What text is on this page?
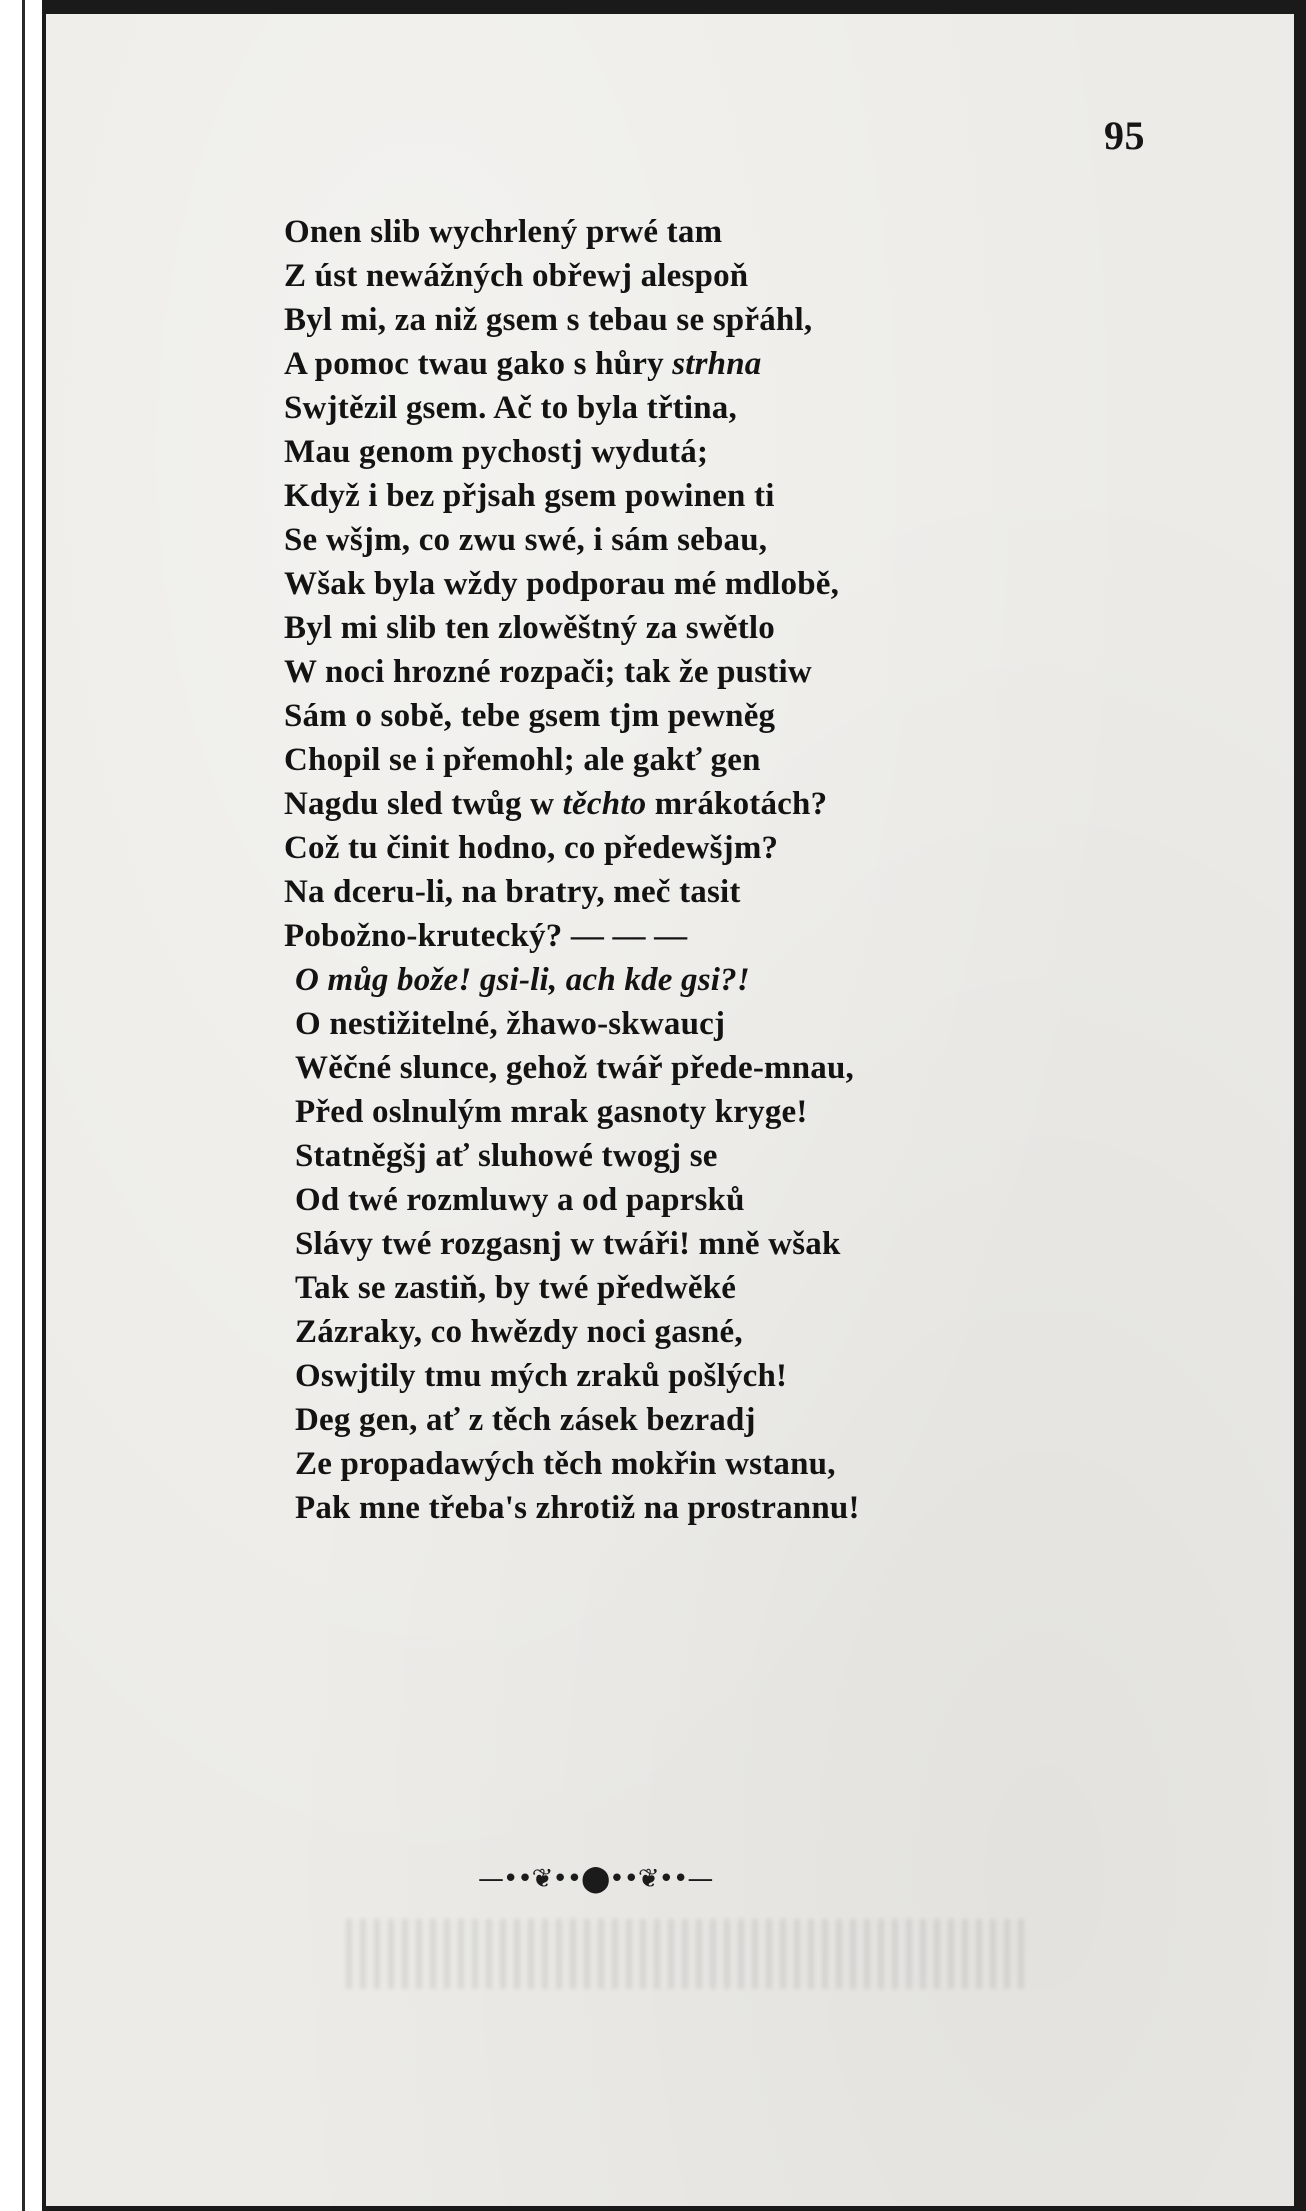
95

Onen slib wychrlený prwé tam
Z úst newážných obřewj alespoň
Byl mi, za niž gsem s tebau se spřáhl,
A pomoc twau gako s hůry strhna
Swjtězil gsem. Ač to byla třtina,
Mau genom pychostj wydutá;
Když i bez přjsah gsem powinen ti
Se wšjm, co zwu swé, i sám sebau,
Wšak byla wždy podporau mé mdlobě,
Byl mi slib ten zlowěštný za swětlo
W noci hrozné rozpači; tak že pustiw
Sám o sobě, tebe gsem tjm pewněg
Chopil se i přemohl; ale gakť gen
Nagdu sled twůg w těchto mrákotách?
Což tu činit hodno, co předewšjm?
Na dceru-li, na bratry, meč tasit
Pobožno-krutecký? — — —
O můg bože! gsi-li, ach kde gsi?!
O nestižitelné, žhawo-skwaucj
Wěčné slunce, gehož twář přede-mnau,
Před oslnulým mrak gasnoty kryge!
Statněgšj ať sluhowé twogj se
Od twé rozmluwy a od paprsků
Slávy twé rozgasnj w twáři! mně wšak
Tak se zastiň, by twé předwěké
Zázraky, co hwězdy noci gasné,
Oswjtily tmu mých zraků pošlých!
Deg gen, ať z těch zásek bezradj
Ze propadawých těch mokřin wstanu,
Pak mne třeba's zhrotiž na prostrannu!
—••❦••⬤••❦••—
